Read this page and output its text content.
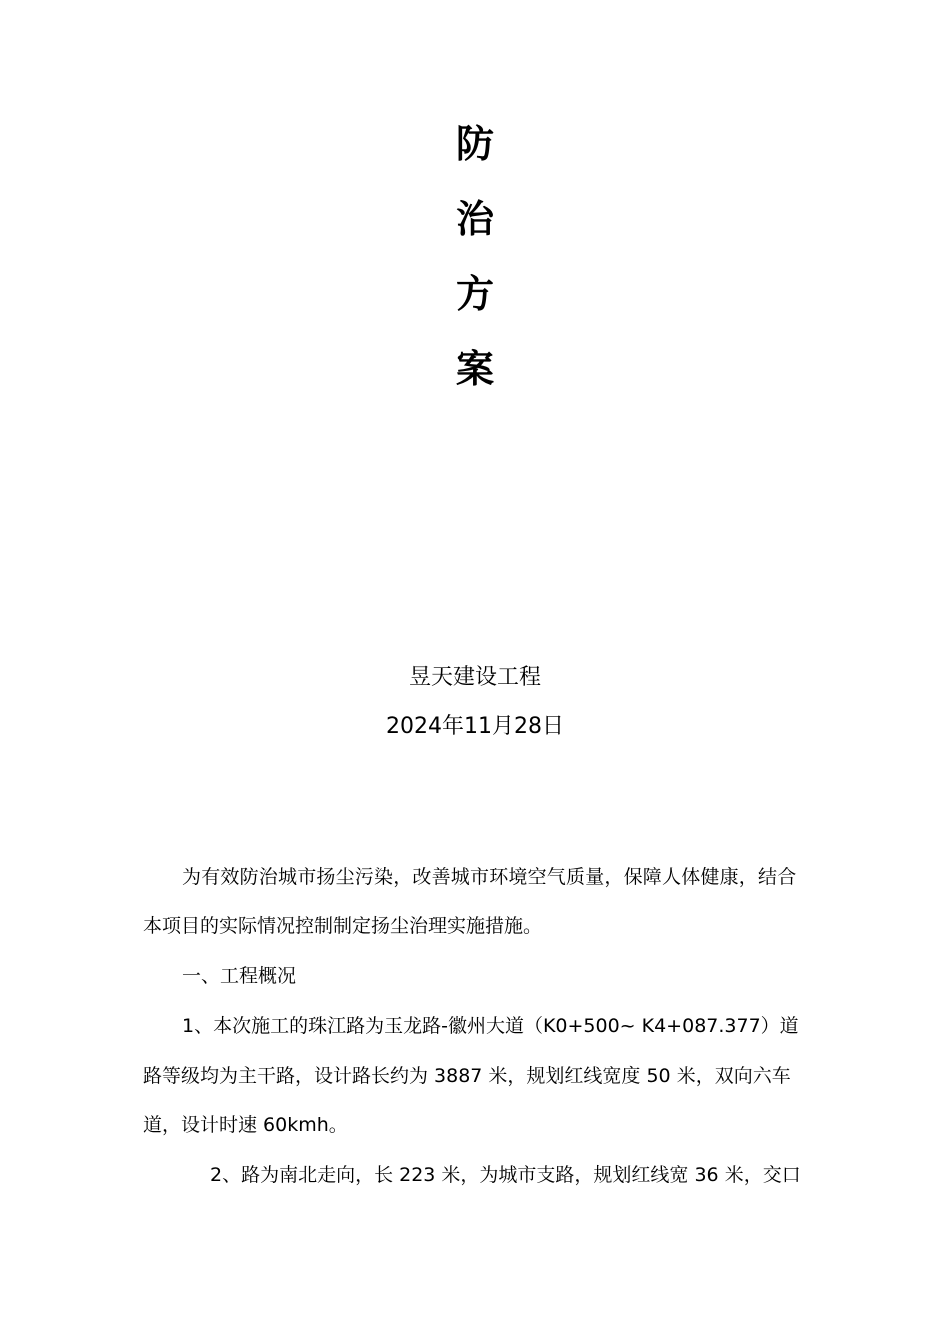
防
治
方
案
昱天建设工程
2024年11月28日
为有效防治城市扬尘污染，改善城市环境空气质量，保障人体健康，结合
本项目的实际情况控制制定扬尘治理实施措施。
一、工程概况
1、本次施工的珠江路为玉龙路-徽州大道（K0+500~ K4+087.377）道
路等级均为主干路，设计路长约为 3887 米，规划红线宽度 50 米，双向六车
道，设计时速 60kmh。
2、路为南北走向，长 223 米，为城市支路，规划红线宽 36 米，交口
